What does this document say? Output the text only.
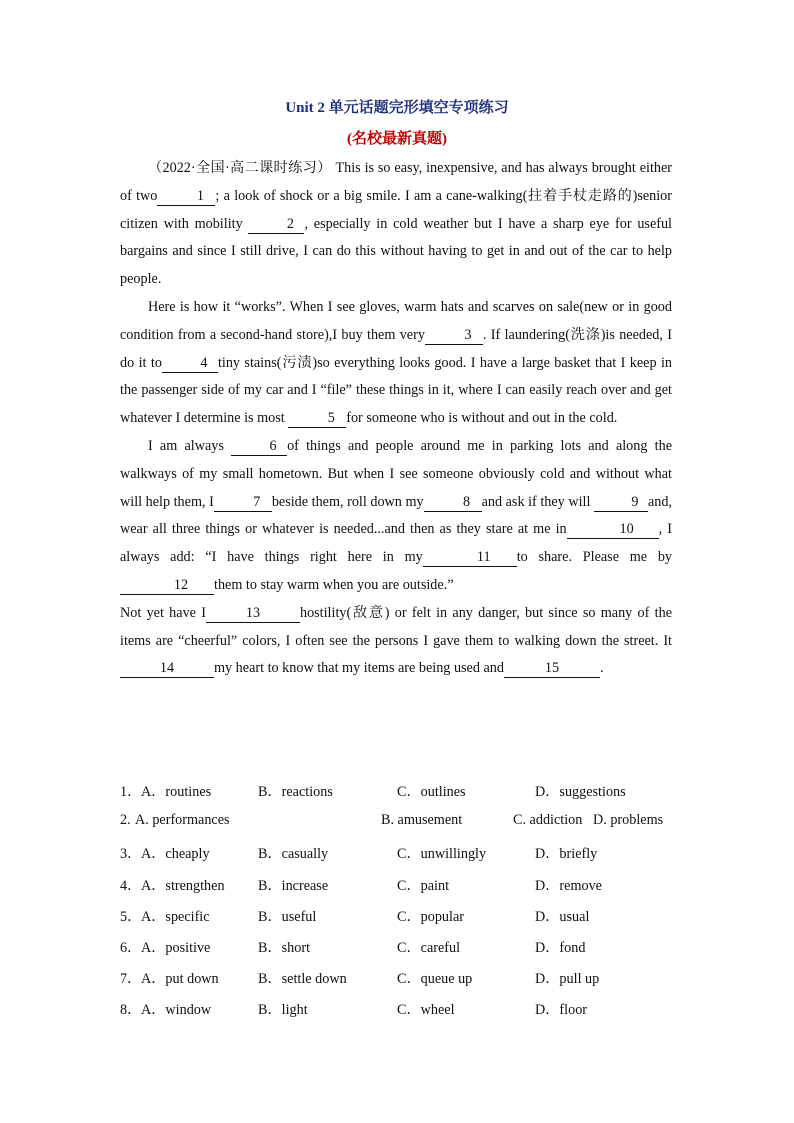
Unit 2 单元话题完形填空专项练习
(名校最新真题)

（2022·全国·高二课时练习） This is so easy, inexpensive, and has always brought either of two	1 ; a look of shock or a big smile. I am a cane-walking(拄着手杖走路的)senior citizen with mobility	2 , especially in cold weather but I have a sharp eye for useful bargains and since I still drive, I can do this without having to get in and out of the car to help people.

Here is how it “works”. When I see gloves, warm hats and scarves on sale(new or in good condition from a second-hand store),I buy them very	3 . If laundering(洗涤)is needed, I do it to	4 tiny stains(污渍)so everything looks good. I have a large basket that I keep in the passenger side of my car and I “file” these things in it, where I can easily reach over and get whatever I determine is most	5 for someone who is without and out in the cold.

I am always	6 of things and people around me in parking lots and along the walkways of my small hometown. But when I see someone obviously cold and without what will help them, I	7 beside them, roll down my	8 and ask if they will	9 and, wear all three things or whatever is needed...and then as they stare at me in	10 , I always add: “I have things right here in my	11 to share. Please me by12 them to stay warm when you are outside.”

Not yet have I	13	hostility(敌意) or felt in any danger, but since so many of the items are “cheerful” colors, I often see the persons I gave them to walking down the street. It14	my heart to know that my items are being used and	15	.

1． A．routines	B．reactions	C．outlines	D．suggestions
2. A. performances	B. amusement	C. addiction D. problems
3． A．cheaply	B．casually	C．unwillingly	D．briefly
4． A．strengthen B．increase	C．paint	D．remove
5． A．specific	B．useful	C．popular	D．usual
6． A．positive	B．short	C．careful	D．fond
7． A．put down	B．settle down	C．queue up	D．pull up
8． A．window	B．light	C．wheel	D．floor
